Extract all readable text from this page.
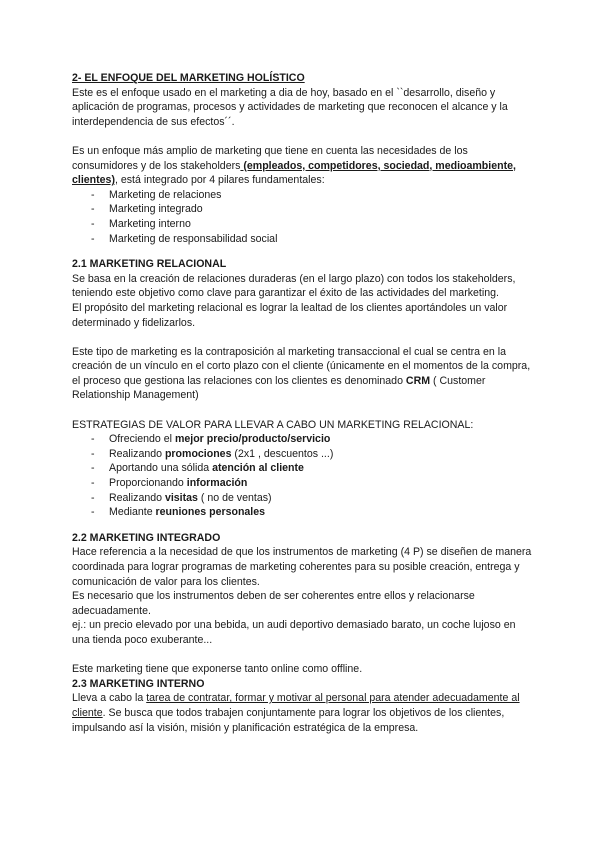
2- EL ENFOQUE DEL MARKETING HOLÍSTICO

Este es el enfoque usado en el marketing a dia de hoy, basado en el ``desarrollo, diseño y aplicación de programas, procesos y actividades de marketing que reconocen el alcance y la interdependencia de sus efectos´´.

Es un enfoque más amplio de marketing que tiene en cuenta las necesidades de los consumidores y de los stakeholders (empleados, competidores, sociedad, medioambiente, clientes), está integrado por 4 pilares fundamentales:

- Marketing de relaciones
- Marketing integrado
- Marketing interno
- Marketing de responsabilidad social
2.1 MARKETING RELACIONAL

Se basa en la creación de relaciones duraderas (en el largo plazo) con todos los stakeholders, teniendo este objetivo como clave para garantizar el éxito de las actividades del marketing.

El propósito del marketing relacional es lograr la lealtad de los clientes aportándoles un valor determinado y fidelizarlos.

Este tipo de marketing es la contraposición al marketing transaccional el cual se centra en la creación de un vínculo en el corto plazo con el cliente (únicamente en el momentos de la compra, el proceso que gestiona las relaciones con los clientes es denominado CRM ( Customer Relationship Management)

ESTRATEGIAS DE VALOR PARA LLEVAR A CABO UN MARKETING RELACIONAL:

- Ofreciendo el mejor precio/producto/servicio
- Realizando promociones (2x1 , descuentos ...)
- Aportando una sólida atención al cliente
- Proporcionando información
- Realizando visitas ( no de ventas)
- Mediante reuniones personales
2.2 MARKETING INTEGRADO

Hace referencia a la necesidad de que los instrumentos de marketing (4 P) se diseñen de manera coordinada para lograr programas de marketing coherentes para su posible creación, entrega y comunicación de valor para los clientes.

Es necesario que los instrumentos deben de ser coherentes entre ellos y relacionarse adecuadamente.

ej.: un precio elevado por una bebida, un audi deportivo demasiado barato, un coche lujoso en una tienda poco exuberante...

Este marketing tiene que exponerse tanto online como offline.

2.3 MARKETING INTERNO

Lleva a cabo la tarea de contratar, formar y motivar al personal para atender adecuadamente al cliente. Se busca que todos trabajen conjuntamente para lograr los objetivos de los clientes, impulsando así la visión, misión y planificación estratégica de la empresa.
